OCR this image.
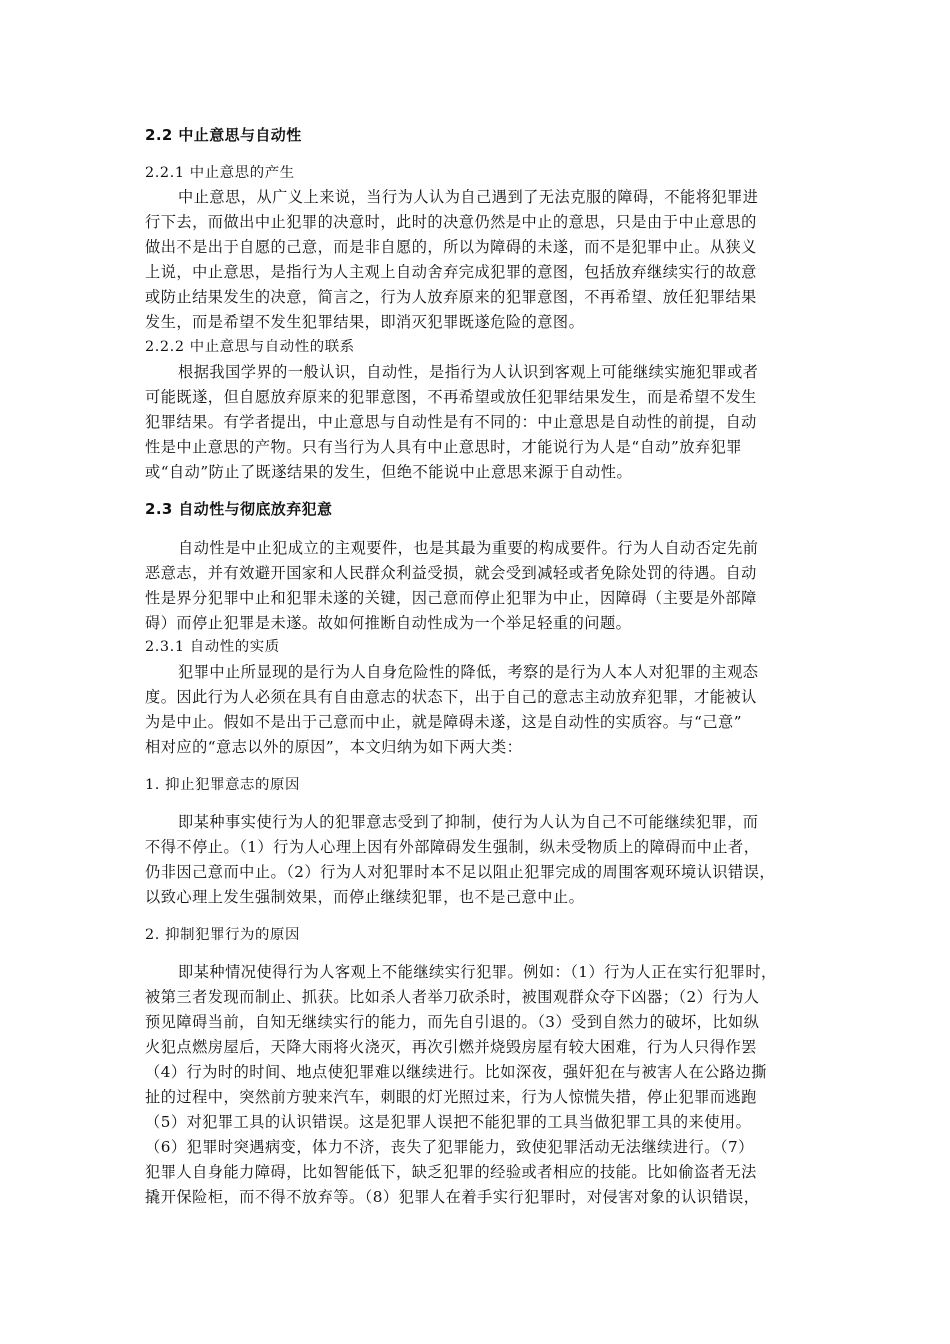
2.2 中止意思与自动性
2.2.1 中止意思的产生
中止意思，从广义上来说，当行为人认为自己遇到了无法克服的障碍，不能将犯罪进
行下去，而做出中止犯罪的决意时，此时的决意仍然是中止的意思，只是由于中止意思的
做出不是出于自愿的己意，而是非自愿的，所以为障碍的未遂，而不是犯罪中止。从狭义
上说，中止意思，是指行为人主观上自动舍弃完成犯罪的意图，包括放弃继续实行的故意
或防止结果发生的决意，简言之，行为人放弃原来的犯罪意图，不再希望、放任犯罪结果
发生，而是希望不发生犯罪结果，即消灭犯罪既遂危险的意图。
2.2.2 中止意思与自动性的联系
根据我国学界的一般认识，自动性，是指行为人认识到客观上可能继续实施犯罪或者
可能既遂，但自愿放弃原来的犯罪意图，不再希望或放任犯罪结果发生，而是希望不发生
犯罪结果。有学者提出，中止意思与自动性是有不同的：中止意思是自动性的前提，自动
性是中止意思的产物。只有当行为人具有中止意思时，才能说行为人是“自动”放弃犯罪
或“自动”防止了既遂结果的发生，但绝不能说中止意思来源于自动性。
2.3 自动性与彻底放弃犯意
自动性是中止犯成立的主观要件，也是其最为重要的构成要件。行为人自动否定先前
恶意志，并有效避开国家和人民群众利益受损，就会受到减轻或者免除处罚的待遇。自动
性是界分犯罪中止和犯罪未遂的关键，因己意而停止犯罪为中止，因障碍（主要是外部障
碍）而停止犯罪是未遂。故如何推断自动性成为一个举足轻重的问题。
2.3.1 自动性的实质
犯罪中止所显现的是行为人自身危险性的降低，考察的是行为人本人对犯罪的主观态
度。因此行为人必须在具有自由意志的状态下，出于自己的意志主动放弃犯罪，才能被认
为是中止。假如不是出于己意而中止，就是障碍未遂，这是自动性的实质容。与“己意”
相对应的“意志以外的原因”，本文归纳为如下两大类：
1. 抑止犯罪意志的原因
即某种事实使行为人的犯罪意志受到了抑制，使行为人认为自己不可能继续犯罪，而
不得不停止。（1）行为人心理上因有外部障碍发生强制，纵未受物质上的障碍而中止者，
仍非因己意而中止。（2）行为人对犯罪时本不足以阻止犯罪完成的周围客观环境认识错误，
以致心理上发生强制效果，而停止继续犯罪，也不是己意中止。
2. 抑制犯罪行为的原因
即某种情况使得行为人客观上不能继续实行犯罪。例如：（1）行为人正在实行犯罪时，
被第三者发现而制止、抓获。比如杀人者举刀砍杀时，被围观群众夺下凶器；（2）行为人
预见障碍当前，自知无继续实行的能力，而先自引退的。（3）受到自然力的破坏，比如纵
火犯点燃房屋后，天降大雨将火浇灭，再次引燃并烧毁房屋有较大困难，行为人只得作罢
（4）行为时的时间、地点使犯罪难以继续进行。比如深夜，强奸犯在与被害人在公路边撕
扯的过程中，突然前方驶来汽车，刺眼的灯光照过来，行为人惊慌失措，停止犯罪而逃跑
（5）对犯罪工具的认识错误。这是犯罪人误把不能犯罪的工具当做犯罪工具的来使用。
（6）犯罪时突遇病变，体力不济，丧失了犯罪能力，致使犯罪活动无法继续进行。（7）
犯罪人自身能力障碍，比如智能低下，缺乏犯罪的经验或者相应的技能。比如偷盗者无法
撬开保险柜，而不得不放弃等。（8）犯罪人在着手实行犯罪时，对侵害对象的认识错误，
